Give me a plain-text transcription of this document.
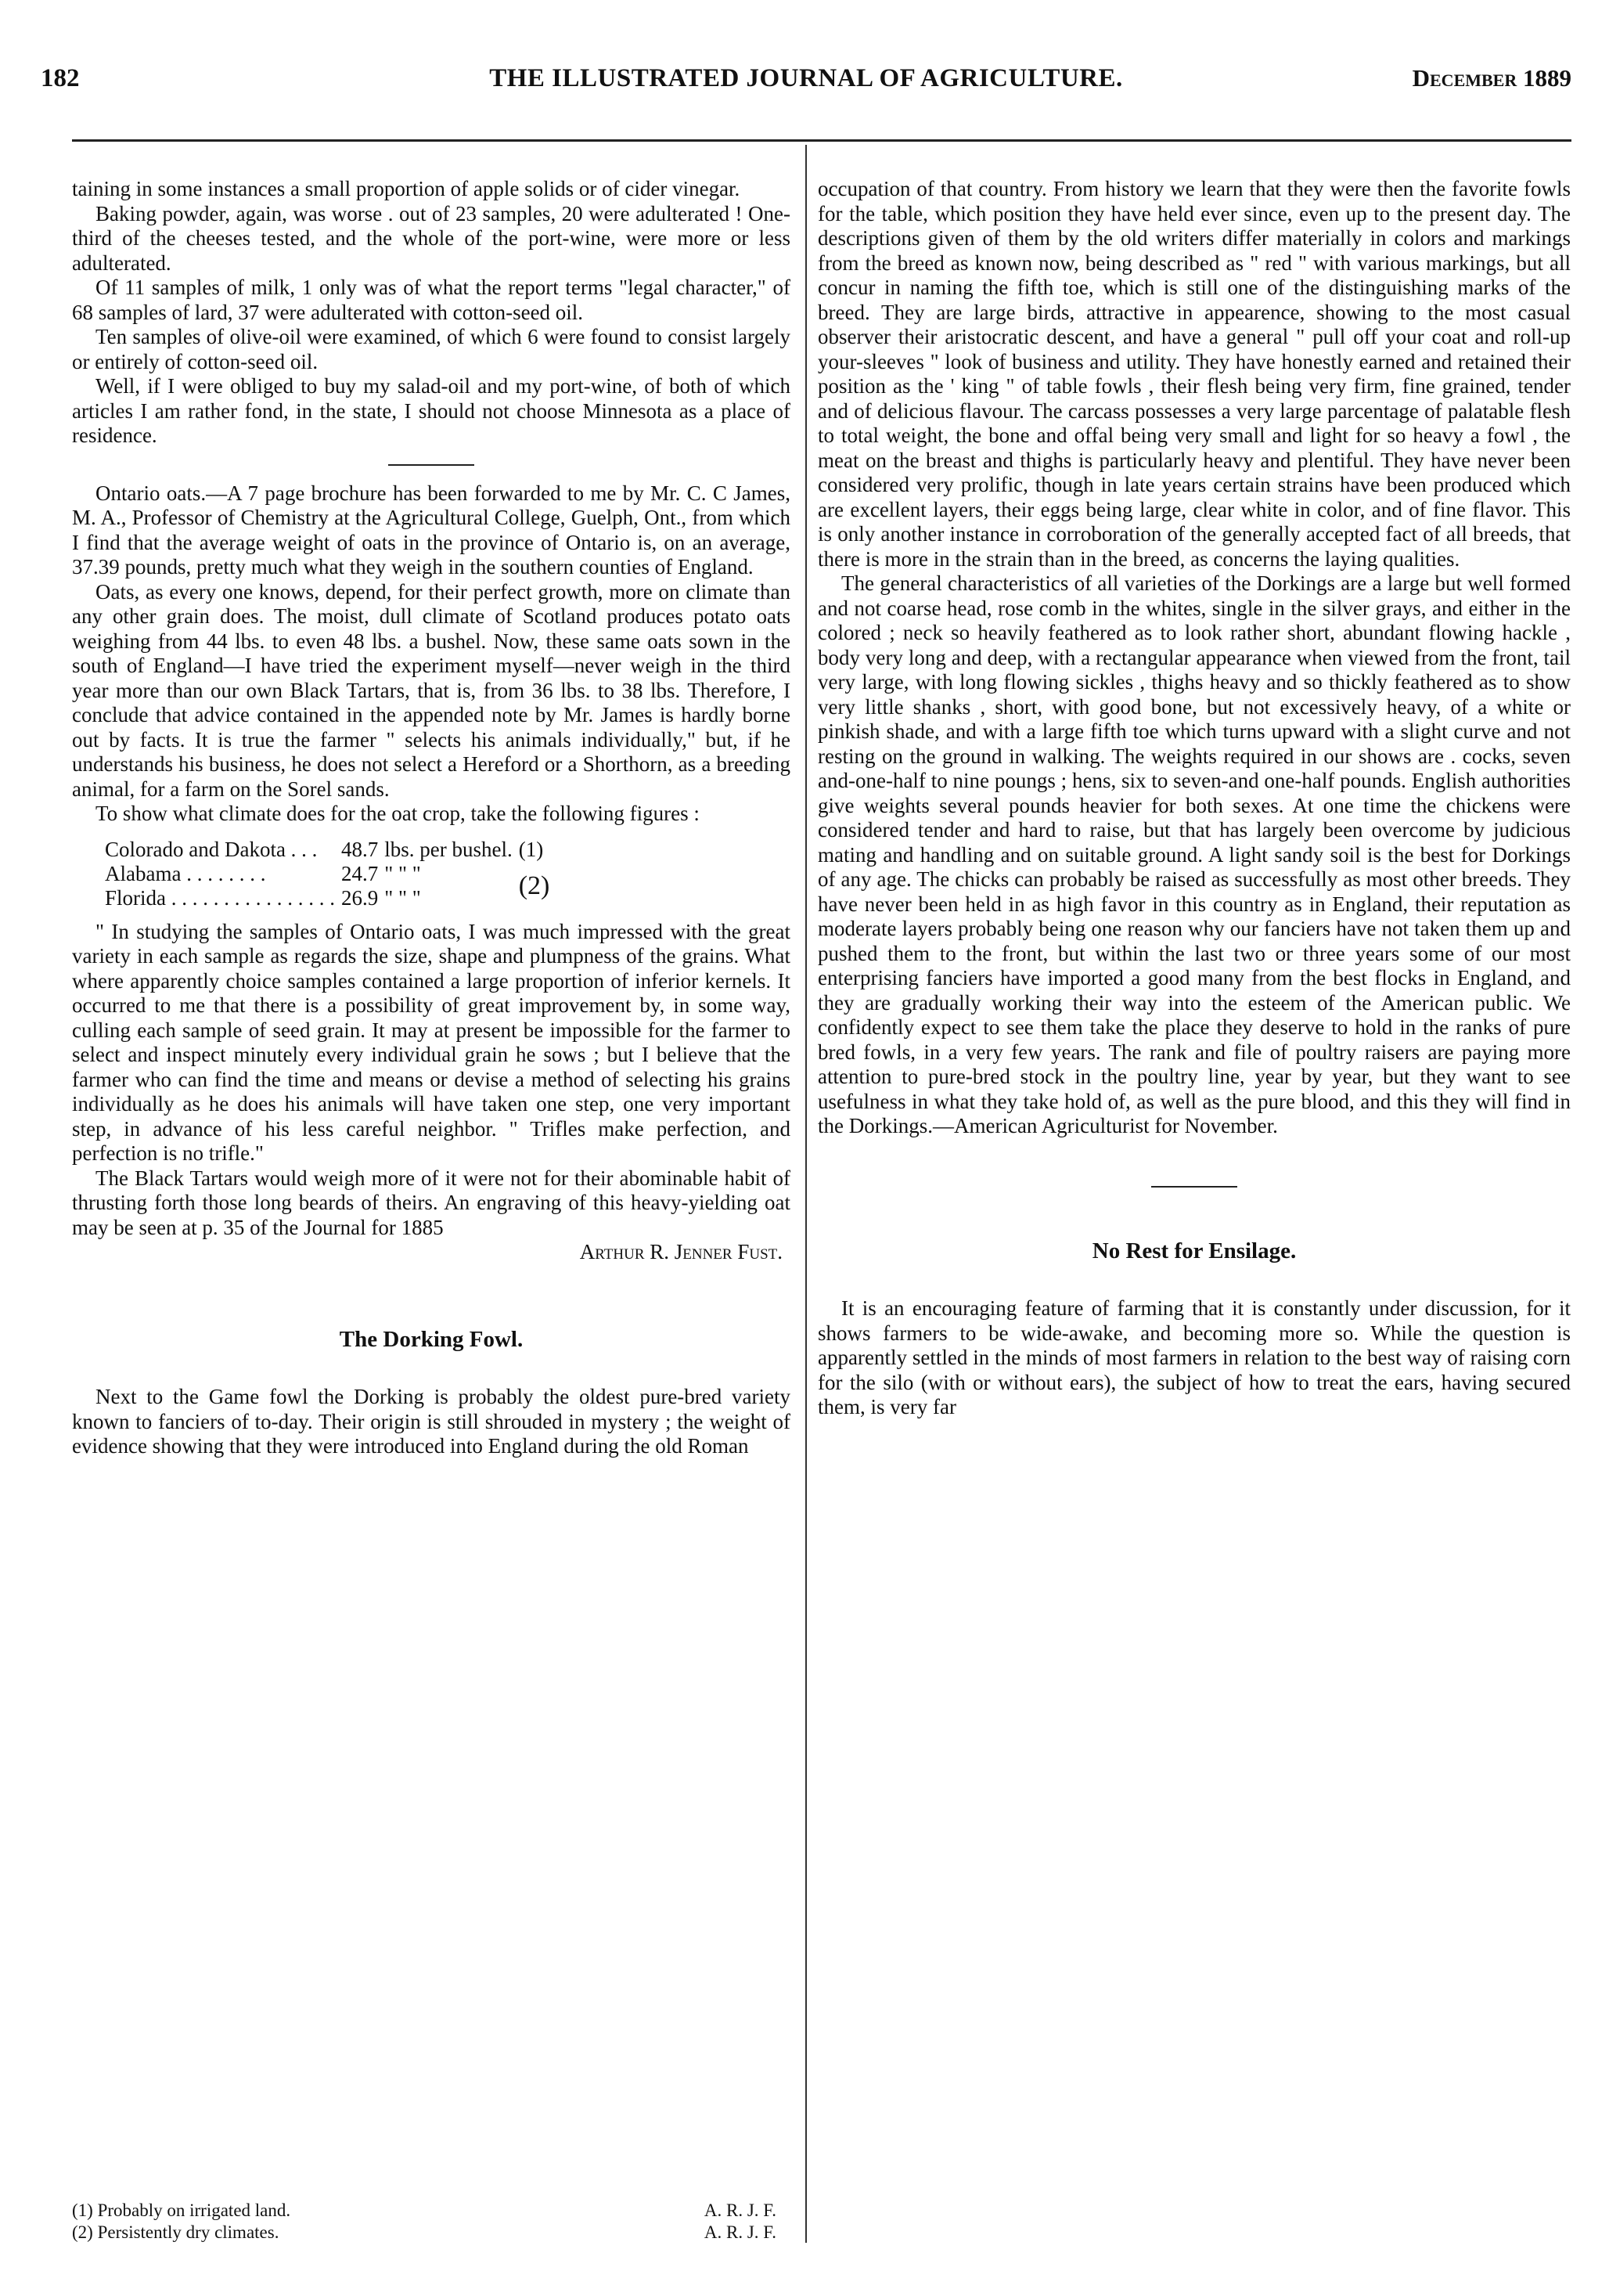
182	THE ILLUSTRATED JOURNAL OF AGRICULTURE.	December 1889

taining in some instances a small proportion of apple solids or of cider vinegar.

Baking powder, again, was worse . out of 23 samples, 20 were adulterated ! One-third of the cheeses tested, and the whole of the port-wine, were more or less adulterated.

Of 11 samples of milk, 1 only was of what the report terms "legal character," of 68 samples of lard, 37 were adulterated with cotton-seed oil.

Ten samples of olive-oil were examined, of which 6 were found to consist largely or entirely of cotton-seed oil.

Well, if I were obliged to buy my salad-oil and my port-wine, of both of which articles I am rather fond, in the state, I should not choose Minnesota as a place of residence.

Ontario oats.—A 7 page brochure has been forwarded to me by Mr. C. C James, M. A., Professor of Chemistry at the Agricultural College, Guelph, Ont., from which I find that the average weight of oats in the province of Ontario is, on an average, 37.39 pounds, pretty much what they weigh in the southern counties of England.

Oats, as every one knows, depend, for their perfect growth, more on climate than any other grain does. The moist, dull climate of Scotland produces potato oats weighing from 44 lbs. to even 48 lbs. a bushel. Now, these same oats sown in the south of England—I have tried the experiment myself—never weigh in the third year more than our own Black Tartars, that is, from 36 lbs. to 38 lbs. Therefore, I conclude that advice contained in the appended note by Mr. James is hardly borne out by facts. It is true the farmer " selects his animals individually," but, if he understands his business, he does not select a Hereford or a Shorthorn, as a breeding animal, for a farm on the Sorel sands.

To show what climate does for the oat crop, take the following figures :

Colorado and Dakota . . .	48.7	lbs. per bushel.	(1)
Alabama . . . . . . . .	24.7	" " "	(2)
Florida . . . . . . . . . . . . . . . .	26.9	" " "	

" In studying the samples of Ontario oats, I was much impressed with the great variety in each sample as regards the size, shape and plumpness of the grains. What where apparently choice samples contained a large proportion of inferior kernels. It occurred to me that there is a possibility of great improvement by, in some way, culling each sample of seed grain. It may at present be impossible for the farmer to select and inspect minutely every individual grain he sows ; but I believe that the farmer who can find the time and means or devise a method of selecting his grains individually as he does his animals will have taken one step, one very important step, in advance of his less careful neighbor. " Trifles make perfection, and perfection is no trifle."

The Black Tartars would weigh more of it were not for their abominable habit of thrusting forth those long beards of theirs. An engraving of this heavy-yielding oat may be seen at p. 35 of the Journal for 1885

Arthur R. Jenner Fust.
The Dorking Fowl.

Next to the Game fowl the Dorking is probably the oldest pure-bred variety known to fanciers of to-day. Their origin is still shrouded in mystery ; the weight of evidence showing that they were introduced into England during the old Roman

(1) Probably on irrigated land.	A. R. J. F.
(2) Persistently dry climates.	A. R. J. F.

occupation of that country. From history we learn that they were then the favorite fowls for the table, which position they have held ever since, even up to the present day. The descriptions given of them by the old writers differ materially in colors and markings from the breed as known now, being described as " red " with various markings, but all concur in naming the fifth toe, which is still one of the distinguishing marks of the breed. They are large birds, attractive in appearence, showing to the most casual observer their aristocratic descent, and have a general " pull off your coat and roll-up your-sleeves " look of business and utility. They have honestly earned and retained their position as the ' king " of table fowls , their flesh being very firm, fine grained, tender and of delicious flavour. The carcass possesses a very large parcentage of palatable flesh to total weight, the bone and offal being very small and light for so heavy a fowl , the meat on the breast and thighs is particularly heavy and plentiful. They have never been considered very prolific, though in late years certain strains have been produced which are excellent layers, their eggs being large, clear white in color, and of fine flavor. This is only another instance in corroboration of the generally accepted fact of all breeds, that there is more in the strain than in the breed, as concerns the laying qualities.

The general characteristics of all varieties of the Dorkings are a large but well formed and not coarse head, rose comb in the whites, single in the silver grays, and either in the colored ; neck so heavily feathered as to look rather short, abundant flowing hackle , body very long and deep, with a rectangular appearance when viewed from the front, tail very large, with long flowing sickles , thighs heavy and so thickly feathered as to show very little shanks , short, with good bone, but not excessively heavy, of a white or pinkish shade, and with a large fifth toe which turns upward with a slight curve and not resting on the ground in walking. The weights required in our shows are . cocks, seven and-one-half to nine poungs ; hens, six to seven-and one-half pounds. English authorities give weights several pounds heavier for both sexes. At one time the chickens were considered tender and hard to raise, but that has largely been overcome by judicious mating and handling and on suitable ground. A light sandy soil is the best for Dorkings of any age. The chicks can probably be raised as successfully as most other breeds. They have never been held in as high favor in this country as in England, their reputation as moderate layers probably being one reason why our fanciers have not taken them up and pushed them to the front, but within the last two or three years some of our most enterprising fanciers have imported a good many from the best flocks in England, and they are gradually working their way into the esteem of the American public. We confidently expect to see them take the place they deserve to hold in the ranks of pure bred fowls, in a very few years. The rank and file of poultry raisers are paying more attention to pure-bred stock in the poultry line, year by year, but they want to see usefulness in what they take hold of, as well as the pure blood, and this they will find in the Dorkings.—American Agriculturist for November.

No Rest for Ensilage.

It is an encouraging feature of farming that it is constantly under discussion, for it shows farmers to be wide-awake, and becoming more so. While the question is apparently settled in the minds of most farmers in relation to the best way of raising corn for the silo (with or without ears), the subject of how to treat the ears, having secured them, is very far
